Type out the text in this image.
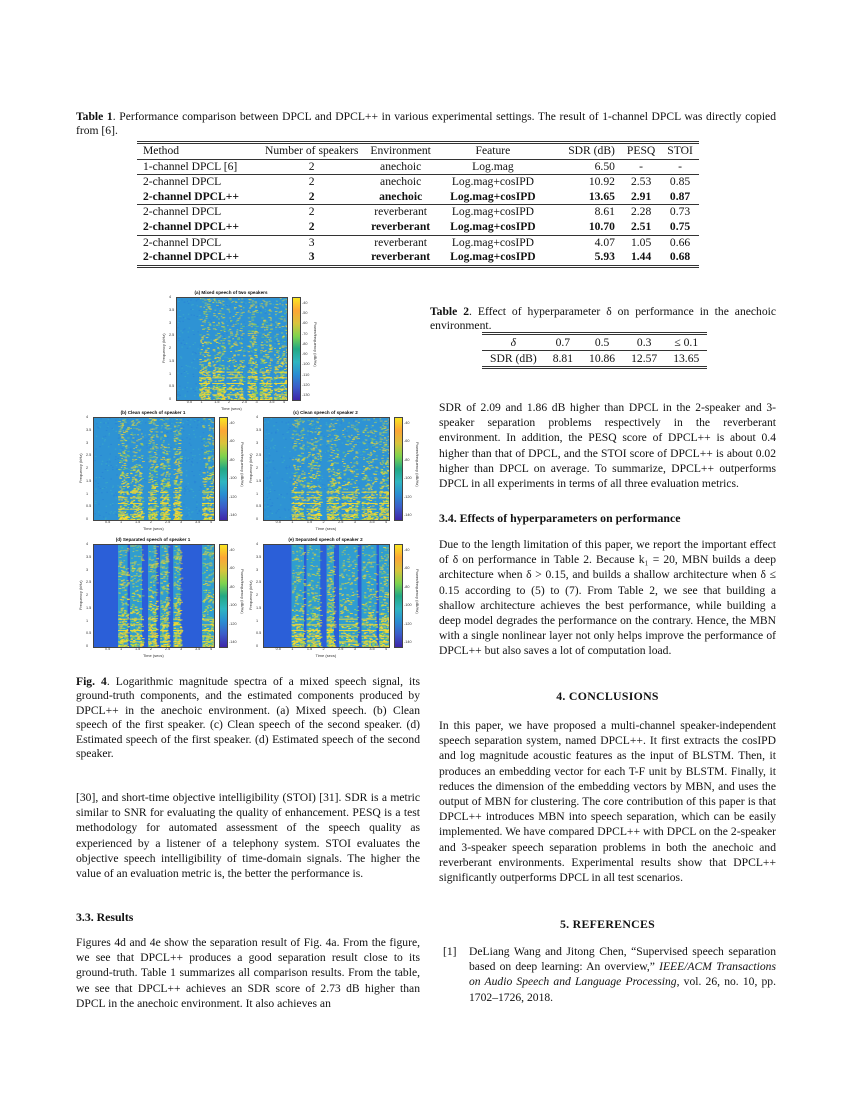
Table 1. Performance comparison between DPCL and DPCL++ in various experimental settings. The result of 1-channel DPCL was directly copied from [6].
Method	Number of speakers	Environment	Feature	SDR (dB)	PESQ	STOI
1-channel DPCL [6]	2	anechoic	Log.mag	6.50	-	-
2-channel DPCL	2	anechoic	Log.mag+cosIPD	10.92	2.53	0.85
2-channel DPCL++	2	anechoic	Log.mag+cosIPD	13.65	2.91	0.87
2-channel DPCL	2	reverberant	Log.mag+cosIPD	8.61	2.28	0.73
2-channel DPCL++	2	reverberant	Log.mag+cosIPD	10.70	2.51	0.75
2-channel DPCL	3	reverberant	Log.mag+cosIPD	4.07	1.05	0.66
2-channel DPCL++	3	reverberant	Log.mag+cosIPD	5.93	1.44	0.68
(a) Mixed speech of two speakers
4
3.5
3
2.5
2
1.5
1
0.5
0
0.5 1	1.5 2	2.5 3	3.5 4
Time (secs)
Frequency (kHz)
-40
-50
-60
-70
-80
-90
-100
-110
-120
-130
Power/frequency (dB/Hz)
(b) Clean speech of speaker 1
4
3.5
3
2.5
2
1.5
1
0.5
0
0.5	1	1.5	2	2.5	3	3.5	4
Time (secs)
Frequency (kHz)
-40
-60
-80
-100
-120
-140
Power/frequency (dB/Hz)
(c) Clean speech of speaker 2
4
3.5
3
2.5
2
1.5
1
0.5
0
0.5	1	1.5	2	2.5	3	3.5	4
Time (secs)
Frequency (kHz)
-40
-60
-80
-100
-120
-140
Power/frequency (dB/Hz)
(d) Separated speech of speaker 1
4
3.5
3
2.5
2
1.5
1
0.5
0
0.5	1	1.5	2	2.5	3	3.5	4
Time (secs)
Frequency (kHz)
-40
-60
-80
-100
-120
-140
Power/frequency (dB/Hz)
(e) Separated speech of speaker 2
4
3.5
3
2.5
2
1.5
1
0.5
0
0.5	1	1.5	2	2.5	3	3.5	4
Time (secs)
Frequency (kHz)
-40
-60
-80
-100
-120
-140
Power/frequency (dB/Hz)
Fig. 4. Logarithmic magnitude spectra of a mixed speech signal, its ground-truth components, and the estimated components produced by DPCL++ in the anechoic environment. (a) Mixed speech. (b) Clean speech of the first speaker. (c) Clean speech of the second speaker. (d) Estimated speech of the first speaker. (d) Estimated speech of the second speaker.
Table 2. Effect of hyperparameter δ on performance in the anechoic environment.
δ	0.7	0.5	0.3	≤ 0.1
SDR (dB)	8.81	10.86	12.57	13.65

[30], and short-time objective intelligibility (STOI) [31]. SDR is a metric similar to SNR for evaluating the quality of enhancement. PESQ is a test methodology for automated assessment of the speech quality as experienced by a listener of a telephony system. STOI evaluates the objective speech intelligibility of time-domain signals. The higher the value of an evaluation metric is, the better the performance is.

3.3. Results

Figures 4d and 4e show the separation result of Fig. 4a. From the figure, we see that DPCL++ produces a good separation result close to its ground-truth. Table 1 summarizes all comparison results. From the table, we see that DPCL++ achieves an SDR score of 2.73 dB higher than DPCL in the anechoic environment. It also achieves an

SDR of 2.09 and 1.86 dB higher than DPCL in the 2-speaker and 3-speaker separation problems respectively in the reverberant environment. In addition, the PESQ score of DPCL++ is about 0.4 higher than that of DPCL, and the STOI score of DPCL++ is about 0.02 higher than DPCL on average. To summarize, DPCL++ outperforms DPCL in all experiments in terms of all three evaluation metrics.

3.4. Effects of hyperparameters on performance

Due to the length limitation of this paper, we report the important effect of δ on performance in Table 2. Because k₁ = 20, MBN builds a deep architecture when δ > 0.15, and builds a shallow architecture when δ ≤ 0.15 according to (5) to (7). From Table 2, we see that building a shallow architecture achieves the best performance, while building a deep model degrades the performance on the contrary. Hence, the MBN with a single nonlinear layer not only helps improve the performance of DPCL++ but also saves a lot of computation load.

4. CONCLUSIONS

In this paper, we have proposed a multi-channel speaker-independent speech separation system, named DPCL++. It first extracts the cosIPD and log magnitude acoustic features as the input of BLSTM. Then, it produces an embedding vector for each T-F unit by BLSTM. Finally, it reduces the dimension of the embedding vectors by MBN, and uses the output of MBN for clustering. The core contribution of this paper is that DPCL++ introduces MBN into speech separation, which can be easily implemented. We have compared DPCL++ with DPCL on the 2-speaker and 3-speaker speech separation problems in both the anechoic and reverberant environments. Experimental results show that DPCL++ significantly outperforms DPCL in all test scenarios.

5. REFERENCES
[1]	DeLiang Wang and Jitong Chen, “Supervised speech separation based on deep learning: An overview,” IEEE/ACM Transactions on Audio Speech and Language Processing, vol. 26, no. 10, pp. 1702–1726, 2018.
